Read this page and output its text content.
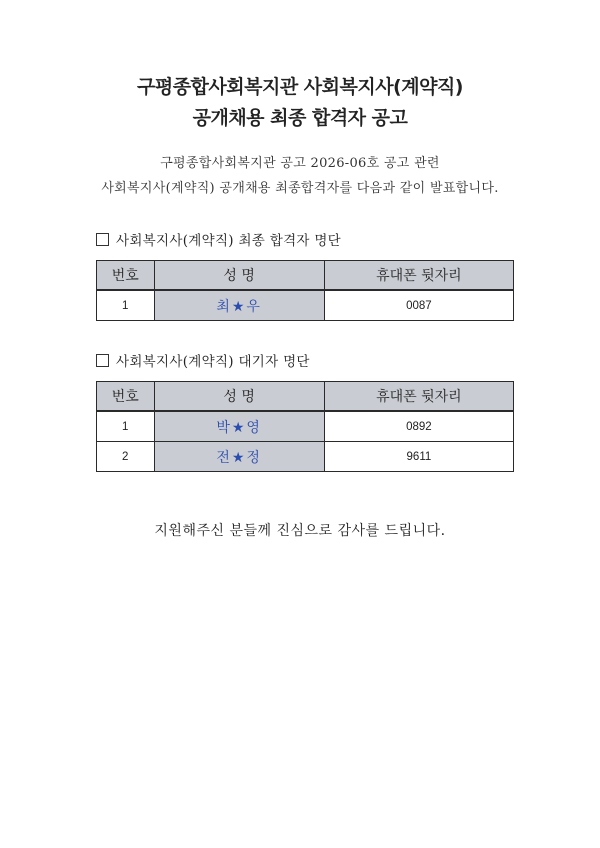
구평종합사회복지관 사회복지사(계약직)
공개채용 최종 합격자 공고
구평종합사회복지관 공고 2026-06호 공고 관련
사회복지사(계약직) 공개채용 최종합격자를 다음과 같이 발표합니다.
사회복지사(계약직) 최종 합격자 명단
번호	성 명	휴대폰 뒷자리
1	최★우	0087
사회복지사(계약직) 대기자 명단
번호	성 명	휴대폰 뒷자리
1	박★영	0892
2	전★정	9611
지원해주신 분들께 진심으로 감사를 드립니다.
